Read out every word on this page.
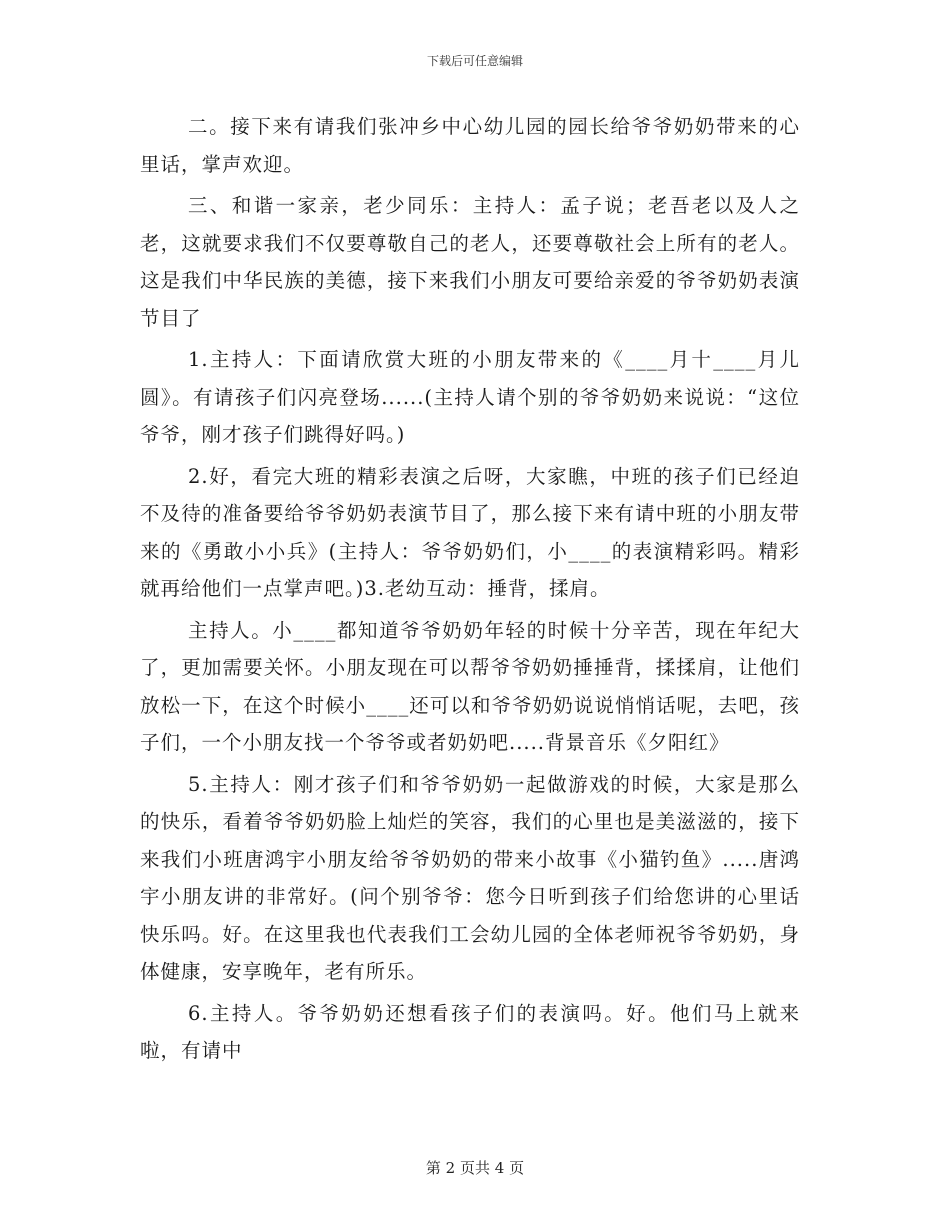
下载后可任意编辑

二。接下来有请我们张冲乡中心幼儿园的园长给爷爷奶奶带来的心里话，掌声欢迎。

三、和谐一家亲，老少同乐：主持人：孟子说；老吾老以及人之老，这就要求我们不仅要尊敬自己的老人，还要尊敬社会上所有的老人。这是我们中华民族的美德，接下来我们小朋友可要给亲爱的爷爷奶奶表演节目了

1.主持人：下面请欣赏大班的小朋友带来的《____月十____月儿圆》。有请孩子们闪亮登场......(主持人请个别的爷爷奶奶来说说：“这位爷爷，刚才孩子们跳得好吗。)

2.好，看完大班的精彩表演之后呀，大家瞧，中班的孩子们已经迫不及待的准备要给爷爷奶奶表演节目了，那么接下来有请中班的小朋友带来的《勇敢小小兵》(主持人：爷爷奶奶们，小____的表演精彩吗。精彩就再给他们一点掌声吧。)3.老幼互动：捶背，揉肩。

主持人。小____都知道爷爷奶奶年轻的时候十分辛苦，现在年纪大了，更加需要关怀。小朋友现在可以帮爷爷奶奶捶捶背，揉揉肩，让他们放松一下，在这个时候小____还可以和爷爷奶奶说说悄悄话呢，去吧，孩子们，一个小朋友找一个爷爷或者奶奶吧.....背景音乐《夕阳红》

5.主持人：刚才孩子们和爷爷奶奶一起做游戏的时候，大家是那么的快乐，看着爷爷奶奶脸上灿烂的笑容，我们的心里也是美滋滋的，接下来我们小班唐鸿宇小朋友给爷爷奶奶的带来小故事《小猫钓鱼》.....唐鸿宇小朋友讲的非常好。(问个别爷爷：您今日听到孩子们给您讲的心里话快乐吗。好。在这里我也代表我们工会幼儿园的全体老师祝爷爷奶奶，身体健康，安享晚年，老有所乐。

6.主持人。爷爷奶奶还想看孩子们的表演吗。好。他们马上就来啦，有请中

第 2 页共 4 页
